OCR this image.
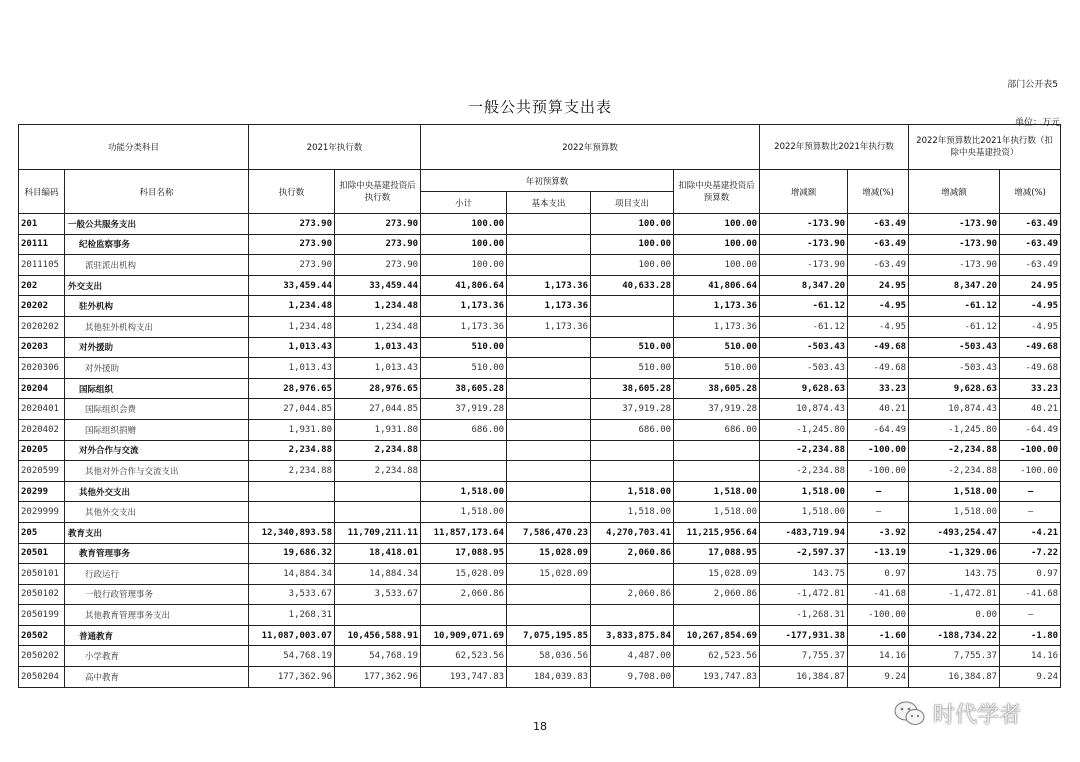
部门公开表5
一般公共预算支出表
单位：万元
功能分类科目		2021年执行数		2022年预算数				2022年预算数比2021年执行数		2022年预算数比2021年执行数（扣除中央基建投资）	
科目编码	科目名称	执行数	扣除中央基建投资后执行数	年初预算数			扣除中央基建投资后预算数	增减额	增减(%)	增减额	增减(%)
				小计	基本支出	项目支出					
201	一般公共服务支出	273.90	273.90	100.00		100.00	100.00	-173.90	-63.49	-173.90	-63.49
20111	纪检监察事务	273.90	273.90	100.00		100.00	100.00	-173.90	-63.49	-173.90	-63.49
2011105	派驻派出机构	273.90	273.90	100.00		100.00	100.00	-173.90	-63.49	-173.90	-63.49
202	外交支出	33,459.44	33,459.44	41,806.64	1,173.36	40,633.28	41,806.64	8,347.20	24.95	8,347.20	24.95
20202	驻外机构	1,234.48	1,234.48	1,173.36	1,173.36		1,173.36	-61.12	-4.95	-61.12	-4.95
2020202	其他驻外机构支出	1,234.48	1,234.48	1,173.36	1,173.36		1,173.36	-61.12	-4.95	-61.12	-4.95
20203	对外援助	1,013.43	1,013.43	510.00		510.00	510.00	-503.43	-49.68	-503.43	-49.68
2020306	对外援助	1,013.43	1,013.43	510.00		510.00	510.00	-503.43	-49.68	-503.43	-49.68
20204	国际组织	28,976.65	28,976.65	38,605.28		38,605.28	38,605.28	9,628.63	33.23	9,628.63	33.23
2020401	国际组织会费	27,044.85	27,044.85	37,919.28		37,919.28	37,919.28	10,874.43	40.21	10,874.43	40.21
2020402	国际组织捐赠	1,931.80	1,931.80	686.00		686.00	686.00	-1,245.80	-64.49	-1,245.80	-64.49
20205	对外合作与交流	2,234.88	2,234.88					-2,234.88	-100.00	-2,234.88	-100.00
2020599	其他对外合作与交流支出	2,234.88	2,234.88					-2,234.88	-100.00	-2,234.88	-100.00
20299	其他外交支出			1,518.00		1,518.00	1,518.00	1,518.00	–	1,518.00	–
2029999	其他外交支出			1,518.00		1,518.00	1,518.00	1,518.00	–	1,518.00	–
205	教育支出	12,340,893.58	11,709,211.11	11,857,173.64	7,586,470.23	4,270,703.41	11,215,956.64	-483,719.94	-3.92	-493,254.47	-4.21
20501	教育管理事务	19,686.32	18,418.01	17,088.95	15,028.09	2,060.86	17,088.95	-2,597.37	-13.19	-1,329.06	-7.22
2050101	行政运行	14,884.34	14,884.34	15,028.09	15,028.09		15,028.09	143.75	0.97	143.75	0.97
2050102	一般行政管理事务	3,533.67	3,533.67	2,060.86		2,060.86	2,060.86	-1,472.81	-41.68	-1,472.81	-41.68
2050199	其他教育管理事务支出	1,268.31						-1,268.31	-100.00	0.00	–
20502	普通教育	11,087,003.07	10,456,588.91	10,909,071.69	7,075,195.85	3,833,875.84	10,267,854.69	-177,931.38	-1.60	-188,734.22	-1.80
2050202	小学教育	54,768.19	54,768.19	62,523.56	58,036.56	4,487.00	62,523.56	7,755.37	14.16	7,755.37	14.16
2050204	高中教育	177,362.96	177,362.96	193,747.83	184,039.83	9,708.00	193,747.83	16,384.87	9.24	16,384.87	9.24
18	时代学者
